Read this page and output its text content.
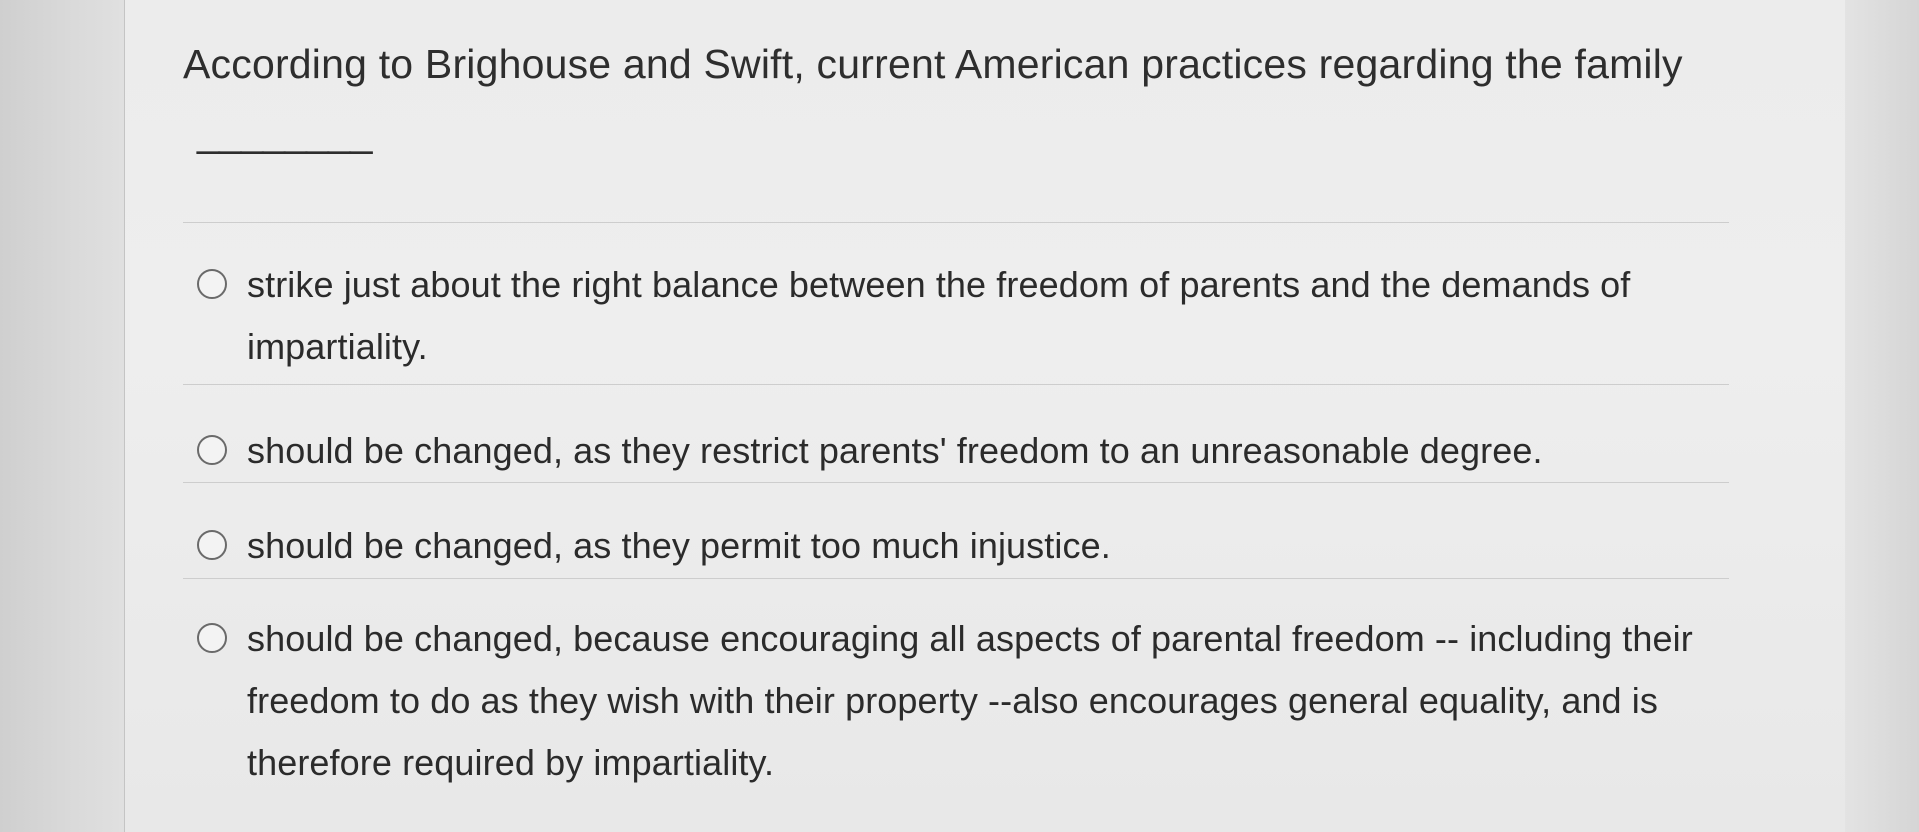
According to Brighouse and Swift, current American practices regarding the family________
strike just about the right balance between the freedom of parents and the demands of impartiality.
should be changed, as they restrict parents' freedom to an unreasonable degree.
should be changed, as they permit too much injustice.
should be changed, because encouraging all aspects of parental freedom -- including their freedom to do as they wish with their property --also encourages general equality, and is therefore required by impartiality.
